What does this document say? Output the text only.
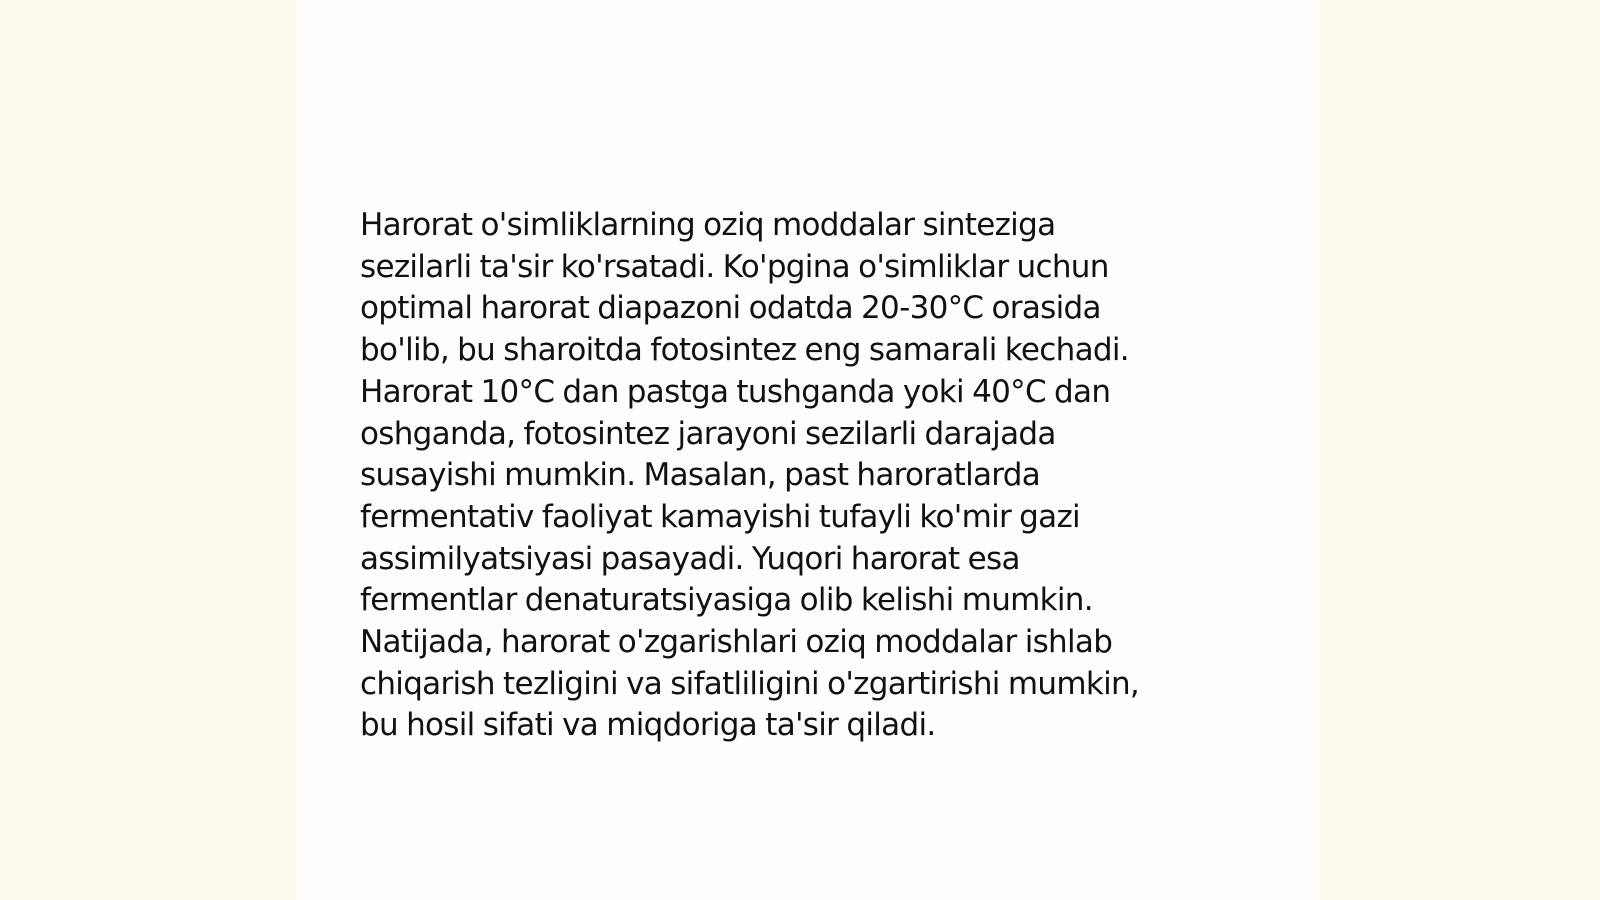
Harorat o'simliklarning oziq moddalar sinteziga
sezilarli ta'sir ko'rsatadi. Ko'pgina o'simliklar uchun
optimal harorat diapazoni odatda 20-30°C orasida
bo'lib, bu sharoitda fotosintez eng samarali kechadi.
Harorat 10°C dan pastga tushganda yoki 40°C dan
oshganda, fotosintez jarayoni sezilarli darajada
susayishi mumkin. Masalan, past haroratlarda
fermentativ faoliyat kamayishi tufayli ko'mir gazi
assimilyatsiyasi pasayadi. Yuqori harorat esa
fermentlar denaturatsiyasiga olib kelishi mumkin.
Natijada, harorat o'zgarishlari oziq moddalar ishlab
chiqarish tezligini va sifatliligini o'zgartirishi mumkin,
bu hosil sifati va miqdoriga ta'sir qiladi.
